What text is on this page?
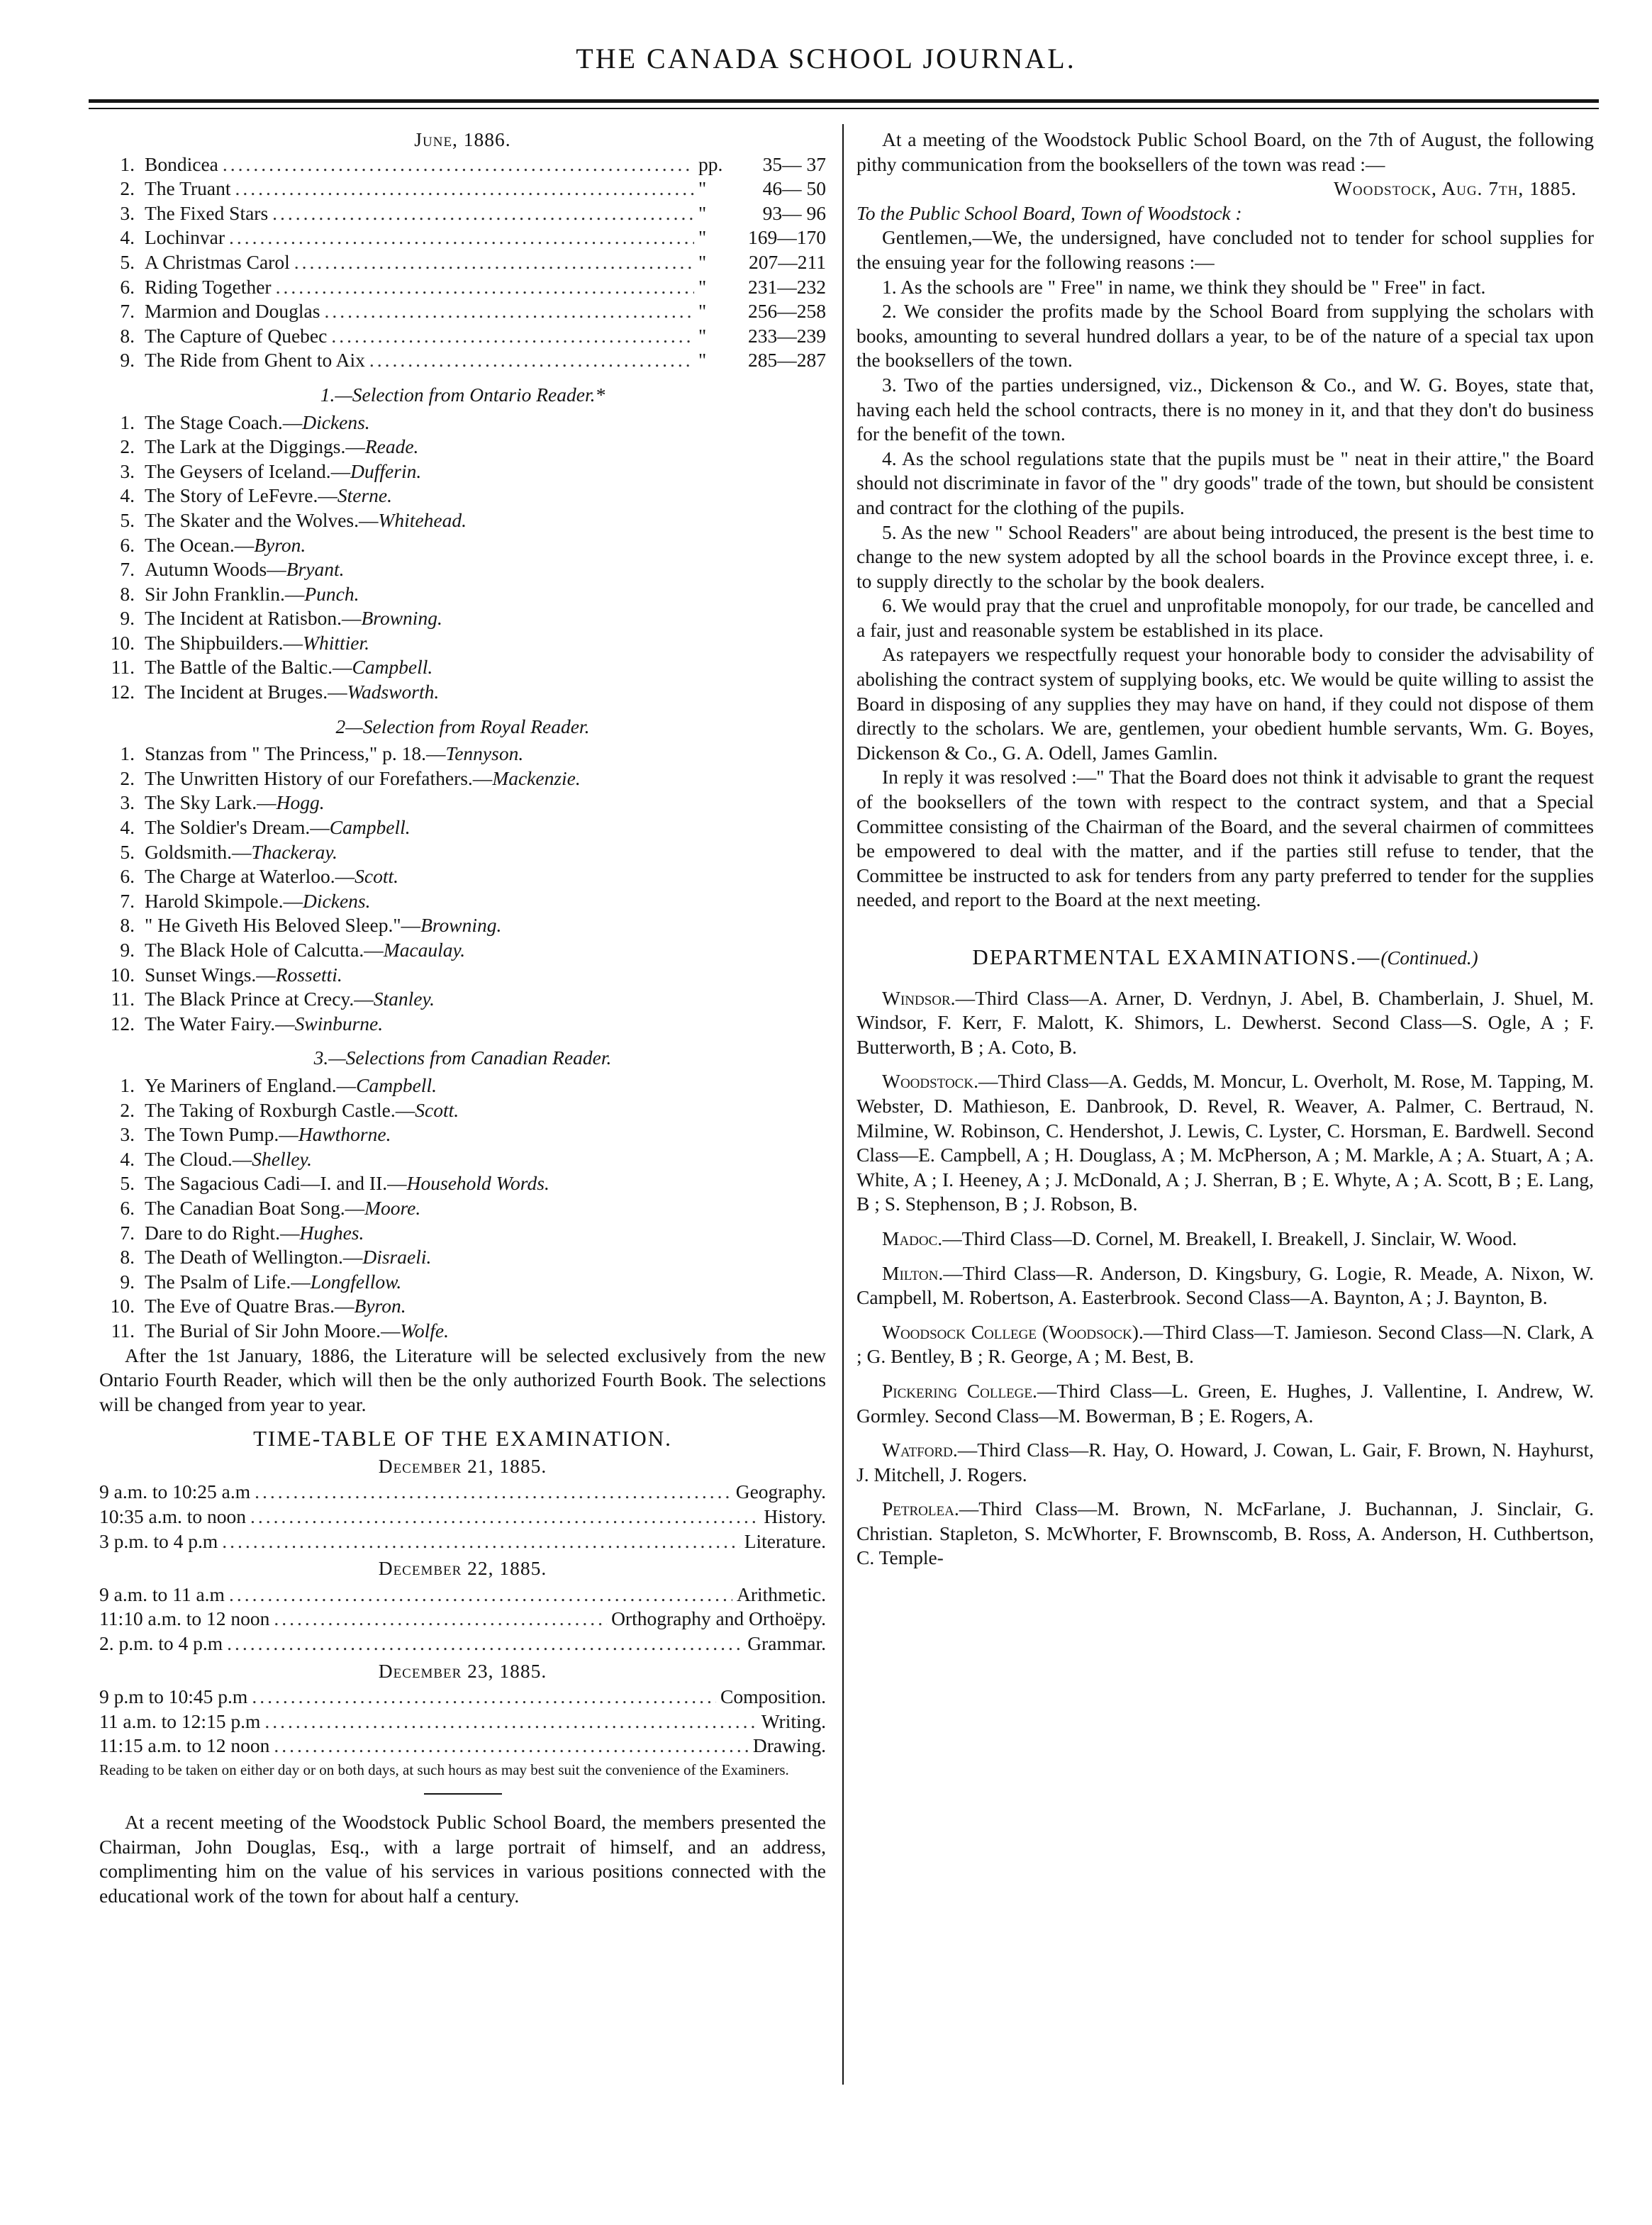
THE CANADA SCHOOL JOURNAL.
June, 1886.
1. Bondicea .....	pp.	35— 37
2. The Truant .....	"	46— 50
3. The Fixed Stars .....	"	93— 96
4. Lochinvar .....	"	169—170
5. A Christmas Carol .....	"	207—211
6. Riding Together .....	"	231—232
7. Marmion and Douglas .....	"	256—258
8. The Capture of Quebec .....	"	233—239
9. The Ride from Ghent to Aix .....	"	285—287
1.—Selection from Ontario Reader.*
1. The Stage Coach.—Dickens.
2. The Lark at the Diggings.—Reade.
3. The Geysers of Iceland.—Dufferin.
4. The Story of LeFevre.—Sterne.
5. The Skater and the Wolves.—Whitehead.
6. The Ocean.—Byron.
7. Autumn Woods—Bryant.
8. Sir John Franklin.—Punch.
9. The Incident at Ratisbon.—Browning.
10. The Shipbuilders.—Whittier.
11. The Battle of the Baltic.—Campbell.
12. The Incident at Bruges.—Wadsworth.
2—Selection from Royal Reader.
1. Stanzas from " The Princess," p. 18.—Tennyson.
2. The Unwritten History of our Forefathers.—Mackenzie.
3. The Sky Lark.—Hogg.
4. The Soldier's Dream.—Campbell.
5. Goldsmith.—Thackeray.
6. The Charge at Waterloo.—Scott.
7. Harold Skimpole.—Dickens.
8. " He Giveth His Beloved Sleep."—Browning.
9. The Black Hole of Calcutta.—Macaulay.
10. Sunset Wings.—Rossetti.
11. The Black Prince at Crecy.—Stanley.
12. The Water Fairy.—Swinburne.
3.—Selections from Canadian Reader.
1. Ye Mariners of England.—Campbell.
2. The Taking of Roxburgh Castle.—Scott.
3. The Town Pump.—Hawthorne.
4. The Cloud.—Shelley.
5. The Sagacious Cadi—I. and II.—Household Words.
6. The Canadian Boat Song.—Moore.
7. Dare to do Right.—Hughes.
8. The Death of Wellington.—Disraeli.
9. The Psalm of Life.—Longfellow.
10. The Eve of Quatre Bras.—Byron.
11. The Burial of Sir John Moore.—Wolfe.

After the 1st January, 1886, the Literature will be selected exclusively from the new Ontario Fourth Reader, which will then be the only authorized Fourth Book. The selections will be changed from year to year.

TIME-TABLE OF THE EXAMINATION.
December 21, 1885.
9 a.m. to 10:25 a.m .....	Geography.
10:35 a.m. to noon .....	History.
3 p.m. to 4 p.m .....	Literature.
December 22, 1885.
9 a.m. to 11 a.m .....	Arithmetic.
11:10 a.m. to 12 noon .....	Orthography and Orthoëpy.
2. p.m. to 4 p.m .....	Grammar.
December 23, 1885.
9 p.m to 10:45 p.m .....	Composition.
11 a.m. to 12:15 p.m .....	Writing.
11:15 a.m. to 12 noon .....	Drawing.

Reading to be taken on either day or on both days, at such hours as may best suit the convenience of the Examiners.

At a recent meeting of the Woodstock Public School Board, the members presented the Chairman, John Douglas, Esq., with a large portrait of himself, and an address, complimenting him on the value of his services in various positions connected with the educational work of the town for about half a century.

At a meeting of the Woodstock Public School Board, on the 7th of August, the following pithy communication from the booksellers of the town was read :—

Woodstock, Aug. 7th, 1885.

To the Public School Board, Town of Woodstock :

Gentlemen,—We, the undersigned, have concluded not to tender for school supplies for the ensuing year for the following reasons :—

1. As the schools are " Free" in name, we think they should be " Free" in fact.

2. We consider the profits made by the School Board from supplying the scholars with books, amounting to several hundred dollars a year, to be of the nature of a special tax upon the booksellers of the town.

3. Two of the parties undersigned, viz., Dickenson & Co., and W. G. Boyes, state that, having each held the school contracts, there is no money in it, and that they don't do business for the benefit of the town.

4. As the school regulations state that the pupils must be " neat in their attire," the Board should not discriminate in favor of the " dry goods" trade of the town, but should be consistent and contract for the clothing of the pupils.

5. As the new " School Readers" are about being introduced, the present is the best time to change to the new system adopted by all the school boards in the Province except three, i. e. to supply directly to the scholar by the book dealers.

6. We would pray that the cruel and unprofitable monopoly, for our trade, be cancelled and a fair, just and reasonable system be established in its place.

As ratepayers we respectfully request your honorable body to consider the advisability of abolishing the contract system of supplying books, etc. We would be quite willing to assist the Board in disposing of any supplies they may have on hand, if they could not dispose of them directly to the scholars. We are, gentlemen, your obedient humble servants, Wm. G. Boyes, Dickenson & Co., G. A. Odell, James Gamlin.

In reply it was resolved :—" That the Board does not think it advisable to grant the request of the booksellers of the town with respect to the contract system, and that a Special Committee consisting of the Chairman of the Board, and the several chairmen of committees be empowered to deal with the matter, and if the parties still refuse to tender, that the Committee be instructed to ask for tenders from any party preferred to tender for the supplies needed, and report to the Board at the next meeting.

DEPARTMENTAL EXAMINATIONS.—(Continued.)

Windsor.—Third Class—A. Arner, D. Verdnyn, J. Abel, B. Chamberlain, J. Shuel, M. Windsor, F. Kerr, F. Malott, K. Shimors, L. Dewherst. Second Class—S. Ogle, A ; F. Butterworth, B ; A. Coto, B.

Woodstock.—Third Class—A. Gedds, M. Moncur, L. Overholt, M. Rose, M. Tapping, M. Webster, D. Mathieson, E. Danbrook, D. Revel, R. Weaver, A. Palmer, C. Bertraud, N. Milmine, W. Robinson, C. Hendershot, J. Lewis, C. Lyster, C. Horsman, E. Bardwell. Second Class—E. Campbell, A ; H. Douglass, A ; M. McPherson, A ; M. Markle, A ; A. Stuart, A ; A. White, A ; I. Heeney, A ; J. McDonald, A ; J. Sherran, B ; E. Whyte, A ; A. Scott, B ; E. Lang, B ; S. Stephenson, B ; J. Robson, B.

Madoc.—Third Class—D. Cornel, M. Breakell, I. Breakell, J. Sinclair, W. Wood.

Milton.—Third Class—R. Anderson, D. Kingsbury, G. Logie, R. Meade, A. Nixon, W. Campbell, M. Robertson, A. Easterbrook. Second Class—A. Baynton, A ; J. Baynton, B.

Woodsock College (Woodsock).—Third Class—T. Jamieson. Second Class—N. Clark, A ; G. Bentley, B ; R. George, A ; M. Best, B.

Pickering College.—Third Class—L. Green, E. Hughes, J. Vallentine, I. Andrew, W. Gormley. Second Class—M. Bowerman, B ; E. Rogers, A.

Watford.—Third Class—R. Hay, O. Howard, J. Cowan, L. Gair, F. Brown, N. Hayhurst, J. Mitchell, J. Rogers.

Petrolea.—Third Class—M. Brown, N. McFarlane, J. Buchannan, J. Sinclair, G. Christian. Stapleton, S. McWhorter, F. Brownscomb, B. Ross, A. Anderson, H. Cuthbertson, C. Temple-
